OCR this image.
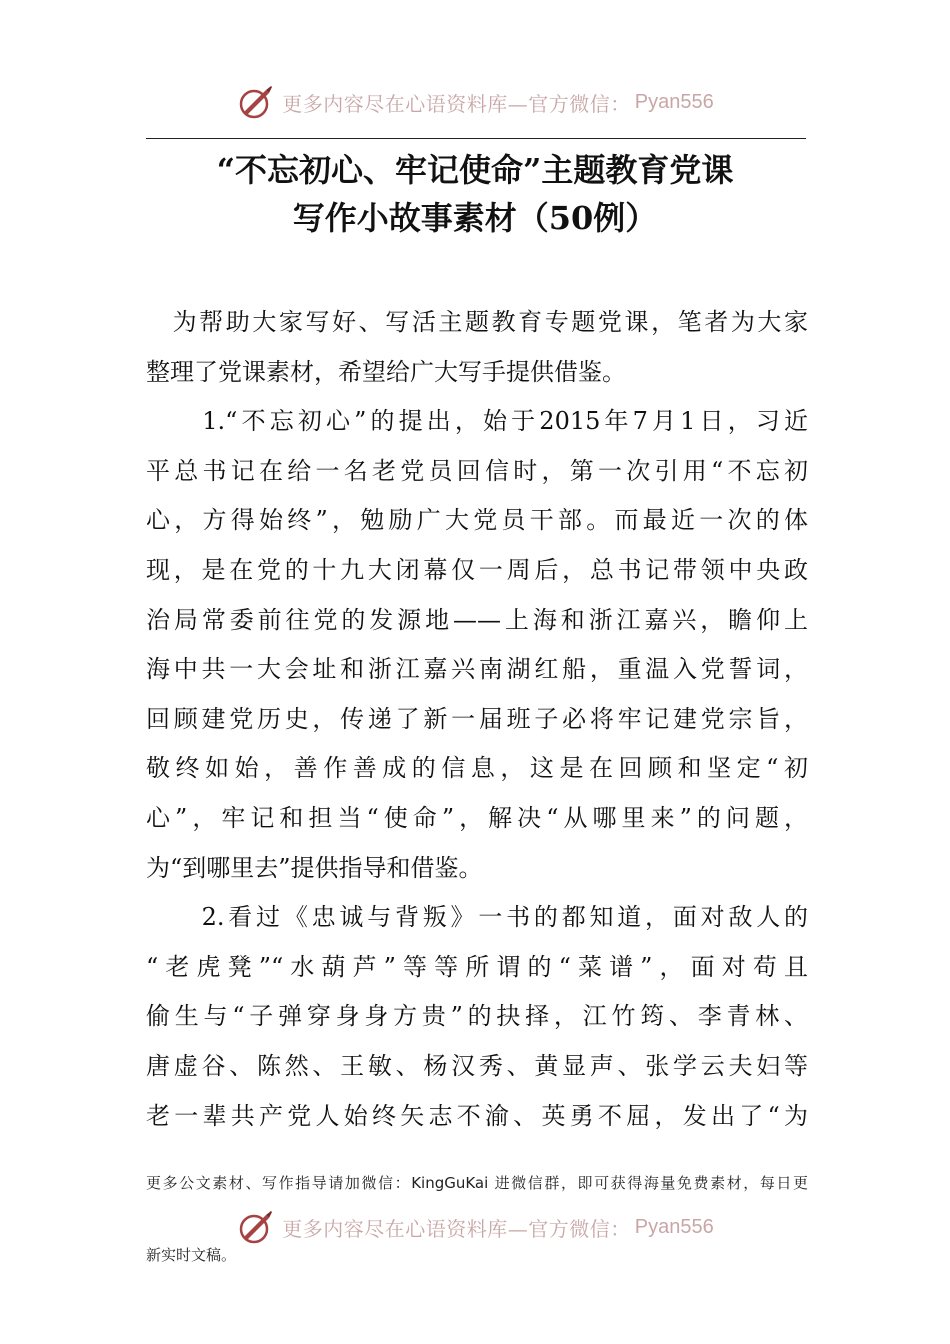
更多内容尽在心语资料库—官方微信： Pyan556
“不忘初心、牢记使命”主题教育党课
写作小故事素材（50例）
　为帮助大家写好、写活主题教育专题党课，笔者为大家
整理了党课素材，希望给广大写手提供借鉴。
　　1.“不忘初心”的提出，始于2015年7月1日，习近
平总书记在给一名老党员回信时，第一次引用“不忘初
心，方得始终”，勉励广大党员干部。而最近一次的体
现，是在党的十九大闭幕仅一周后，总书记带领中央政
治局常委前往党的发源地——上海和浙江嘉兴，瞻仰上
海中共一大会址和浙江嘉兴南湖红船，重温入党誓词，
回顾建党历史，传递了新一届班子必将牢记建党宗旨，
敬终如始，善作善成的信息，这是在回顾和坚定“初
心”，牢记和担当“使命”，解决“从哪里来”的问题，
为“到哪里去”提供指导和借鉴。
　　2.看过《忠诚与背叛》一书的都知道，面对敌人的
“老虎凳”“水葫芦”等等所谓的“菜谱”，面对苟且
偷生与“子弹穿身身方贵”的抉择，江竹筠、李青林、
唐虚谷、陈然、王敏、杨汉秀、黄显声、张学云夫妇等
老一辈共产党人始终矢志不渝、英勇不屈，发出了“为
更多公文素材、写作指导请加微信：KingGuKai 进微信群，即可获得海量免费素材，每日更
更多内容尽在心语资料库—官方微信： Pyan556
新实时文稿。
